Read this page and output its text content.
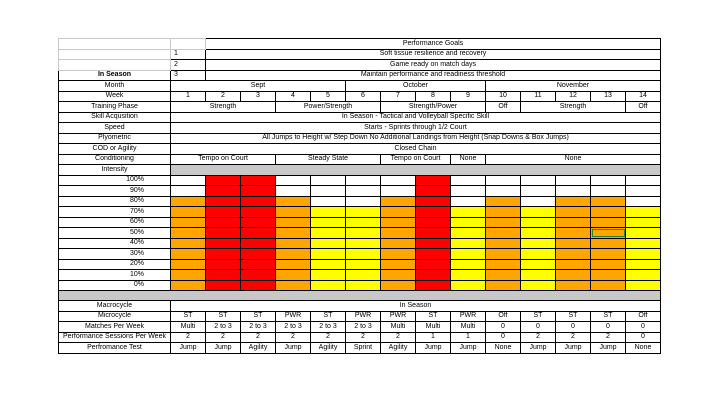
		Performance Goals												
	1	Soft tissue resilience and recovery												
	2	Game ready on match days												
In Season	3	Maintain performance and readiness threshold												
Month	Sept					October				November				
Week	1	2	3	4	5	6	7	8	9	10	11	12	13	14
Training Phase	Strength			Power/Strength			Strength/Power			Off	Strength			Off
Skill Acqusition	In Season - Tactical and Volleyball Specific Skill													
Speed	Starts - Sprints through 1/2 Court													
Plyometric	All Jumps to Height w/ Step Down No Additional Landings from Height (Snap Downs & Box Jumps)													
COD or Agility	Closed Chain													
Conditioning	Tempo on Court			Steady State			Tempo on Court		None	None				
Intensity														
100%														
90%														
80%														
70%														
60%														
50%														
40%														
30%														
20%														
10%														
0%														

Macrocycle	In Season													
Microcycle	ST	ST	ST	PWR	ST	PWR	PWR	ST	PWR	Off	ST	ST	ST	Off
Matches Per Week	Multi	2 to 3	2 to 3	2 to 3	2 to 3	2 to 3	Multi	Multi	Multi	0	0	0	0	0
Performance Sessions Per Week	2	2	2	2	2	2	2	1	1	0	2	2	2	0
Perfromance Test	Jump	Jump	Agility	Jump	Agility	Sprint	Agility	Jump	Jump	None	Jump	Jump	Jump	None
